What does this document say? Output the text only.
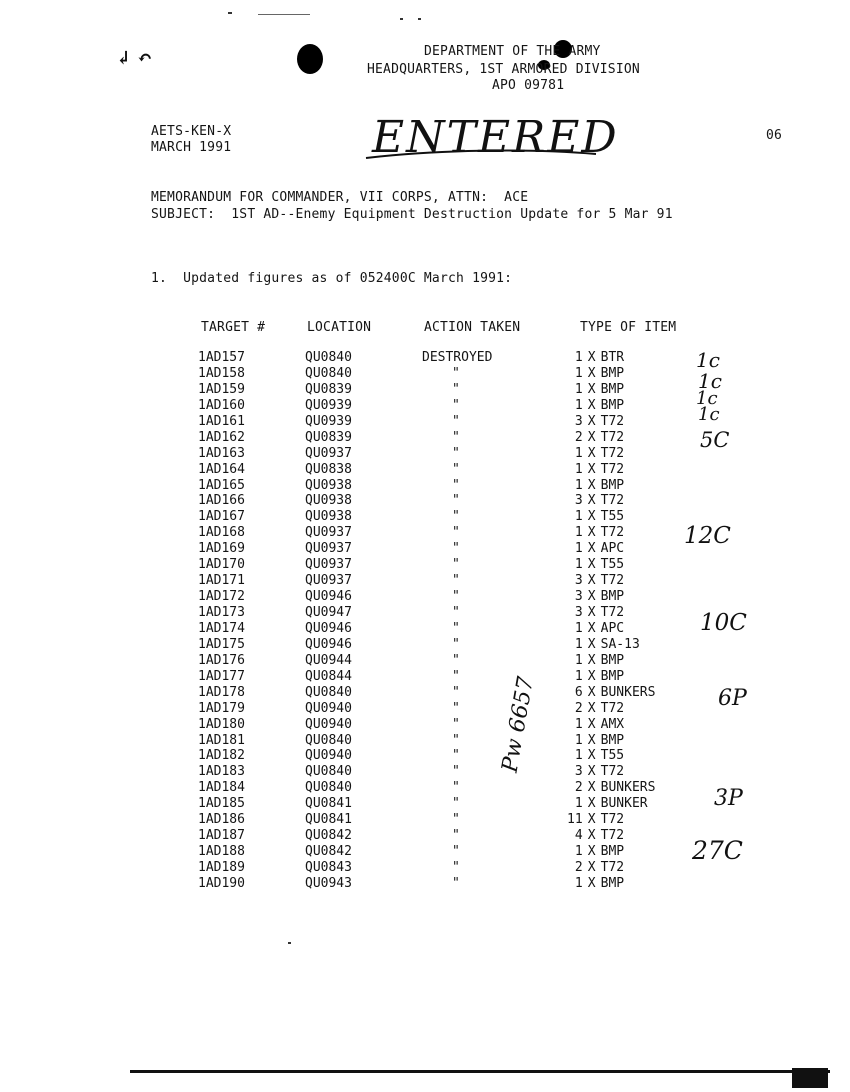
↲ ↶	DEPARTMENT OF THE ARMY
HEADQUARTERS, 1ST ARMORED DIVISION
APO 09781
AETS-KEN-X
MARCH 1991	ENTERED	06
MEMORANDUM FOR COMMANDER, VII CORPS, ATTN:  ACE
SUBJECT:  1ST AD--Enemy Equipment Destruction Update for 5 Mar 91
1.  Updated figures as of 052400C March 1991:
TARGET #	LOCATION	ACTION TAKEN	TYPE OF ITEM
1AD157	QU0840	DESTROYED	1	X	BTR
1AD158	QU0840	"	1	X	BMP
1AD159	QU0839	"	1	X	BMP
1AD160	QU0939	"	1	X	BMP
1AD161	QU0939	"	3	X	T72
1AD162	QU0839	"	2	X	T72
1AD163	QU0937	"	1	X	T72
1AD164	QU0838	"	1	X	T72
1AD165	QU0938	"	1	X	BMP
1AD166	QU0938	"	3	X	T72
1AD167	QU0938	"	1	X	T55
1AD168	QU0937	"	1	X	T72
1AD169	QU0937	"	1	X	APC
1AD170	QU0937	"	1	X	T55
1AD171	QU0937	"	3	X	T72
1AD172	QU0946	"	3	X	BMP
1AD173	QU0947	"	3	X	T72
1AD174	QU0946	"	1	X	APC
1AD175	QU0946	"	1	X	SA-13
1AD176	QU0944	"	1	X	BMP
1AD177	QU0844	"	1	X	BMP
1AD178	QU0840	"	6	X	BUNKERS
1AD179	QU0940	"	2	X	T72
1AD180	QU0940	"	1	X	AMX
1AD181	QU0840	"	1	X	BMP
1AD182	QU0940	"	1	X	T55
1AD183	QU0840	"	3	X	T72
1AD184	QU0840	"	2	X	BUNKERS
1AD185	QU0841	"	1	X	BUNKER
1AD186	QU0841	"	11	X	T72
1AD187	QU0842	"	4	X	T72
1AD188	QU0842	"	1	X	BMP
1AD189	QU0843	"	2	X	T72
1AD190	QU0943	"	1	X	BMP
1c
1c
1c
1c
5C
12C
10C
6P
3P
27C
Pw 6657
